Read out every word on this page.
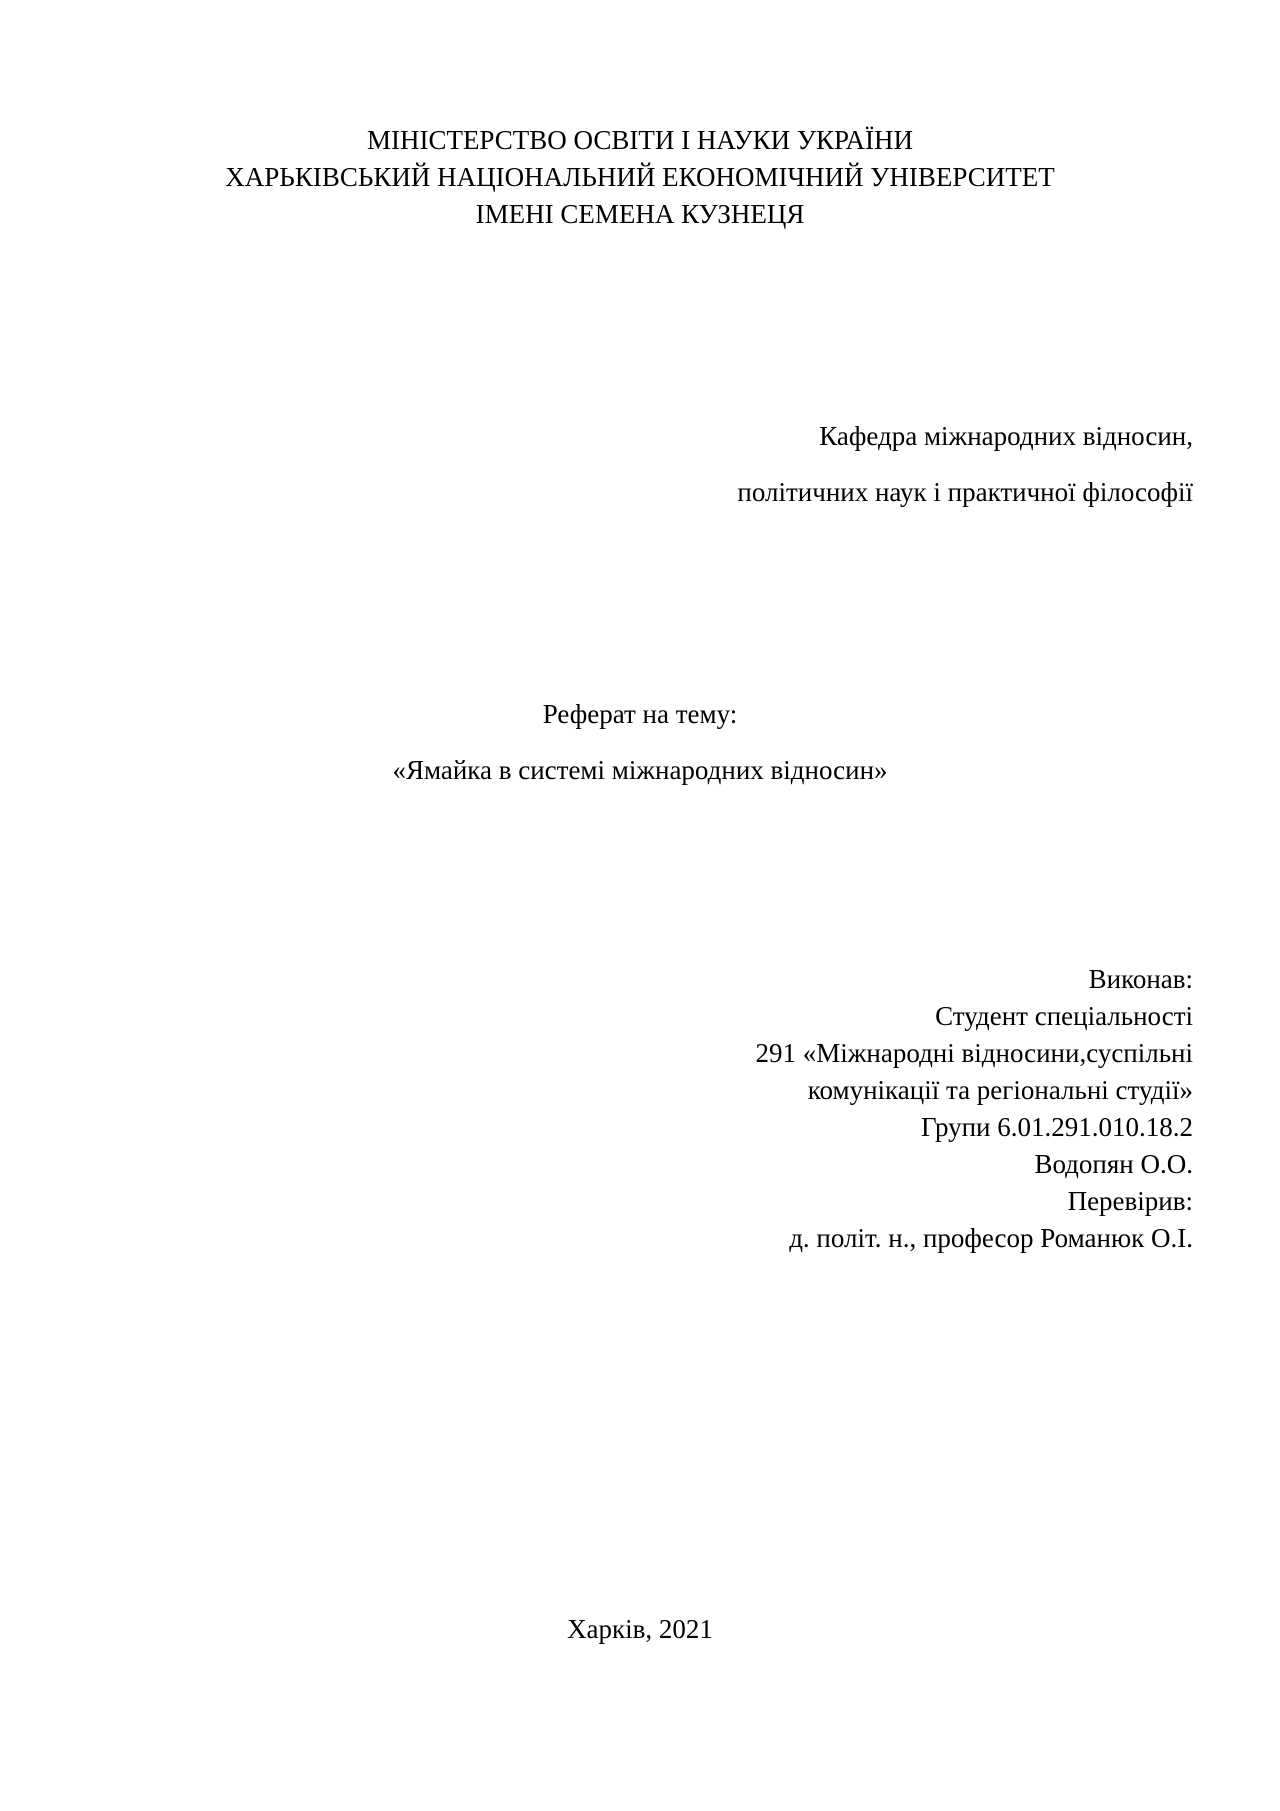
МІНІСТЕРСТВО ОСВІТИ І НАУКИ УКРАЇНИ
ХАРЬКІВСЬКИЙ НАЦІОНАЛЬНИЙ ЕКОНОМІЧНИЙ УНІВЕРСИТЕТ
ІМЕНІ СЕМЕНА КУЗНЕЦЯ
Кафедра міжнародних відносин,
політичних наук і практичної філософії
Реферат на тему:
«Ямайка в системі міжнародних відносин»
Виконав:
Студент спеціальності
291 «Міжнародні відносини,суспільні
комунікації та регіональні студії»
Групи 6.01.291.010.18.2
Водопян О.О.
Перевірив:
д. політ. н., професор Романюк О.І.
Харків, 2021
